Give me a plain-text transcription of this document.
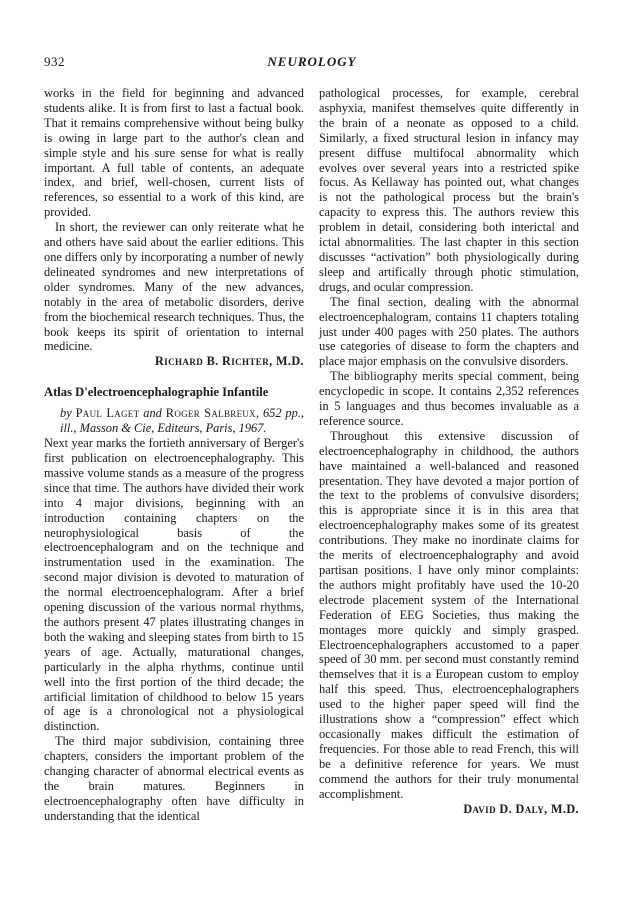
932	NEUROLOGY

works in the field for beginning and advanced students alike. It is from first to last a factual book. That it remains comprehensive without being bulky is owing in large part to the author's clean and simple style and his sure sense for what is really important. A full table of contents, an adequate index, and brief, well-chosen, current lists of references, so essential to a work of this kind, are provided.

In short, the reviewer can only reiterate what he and others have said about the earlier editions. This one differs only by incorporating a number of newly delineated syndromes and new interpretations of older syndromes. Many of the new advances, notably in the area of metabolic disorders, derive from the biochemical research techniques. Thus, the book keeps its spirit of orientation to internal medicine.

Richard B. Richter, M.D.
Atlas D'electroencephalographie Infantile

by Paul Laget and Roger Salbreux, 652 pp., ill., Masson & Cie, Editeurs, Paris, 1967.

Next year marks the fortieth anniversary of Berger's first publication on electroencephalography. This massive volume stands as a measure of the progress since that time. The authors have divided their work into 4 major divisions, beginning with an introduction containing chapters on the neurophysiological basis of the electroencephalogram and on the technique and instrumentation used in the examination. The second major division is devoted to maturation of the normal electroencephalogram. After a brief opening discussion of the various normal rhythms, the authors present 47 plates illustrating changes in both the waking and sleeping states from birth to 15 years of age. Actually, maturational changes, particularly in the alpha rhythms, continue until well into the first portion of the third decade; the artificial limitation of childhood to below 15 years of age is a chronological not a physiological distinction.

The third major subdivision, containing three chapters, considers the important problem of the changing character of abnormal electrical events as the brain matures. Beginners in electroencephalography often have difficulty in understanding that the identical

pathological processes, for example, cerebral asphyxia, manifest themselves quite differently in the brain of a neonate as opposed to a child. Similarly, a fixed structural lesion in infancy may present diffuse multifocal abnormality which evolves over several years into a restricted spike focus. As Kellaway has pointed out, what changes is not the pathological process but the brain's capacity to express this. The authors review this problem in detail, considering both interictal and ictal abnormalities. The last chapter in this section discusses “activation” both physiologically during sleep and artifically through photic stimulation, drugs, and ocular compression.

The final section, dealing with the abnormal electroencephalogram, contains 11 chapters totaling just under 400 pages with 250 plates. The authors use categories of disease to form the chapters and place major emphasis on the convulsive disorders.

The bibliography merits special comment, being encyclopedic in scope. It contains 2,352 references in 5 languages and thus becomes invaluable as a reference source.

Throughout this extensive discussion of electroencephalography in childhood, the authors have maintained a well-balanced and reasoned presentation. They have devoted a major portion of the text to the problems of convulsive disorders; this is appropriate since it is in this area that electroencephalography makes some of its greatest contributions. They make no inordinate claims for the merits of electroencephalography and avoid partisan positions. I have only minor complaints: the authors might profitably have used the 10-20 electrode placement system of the International Federation of EEG Societies, thus making the montages more quickly and simply grasped. Electroencephalographers accustomed to a paper speed of 30 mm. per second must constantly remind themselves that it is a European custom to employ half this speed. Thus, electroencephalographers used to the higher paper speed will find the illustrations show a “compression” effect which occasionally makes difficult the estimation of frequencies. For those able to read French, this will be a definitive reference for years. We must commend the authors for their truly monumental accomplishment.

David D. Daly, M.D.
